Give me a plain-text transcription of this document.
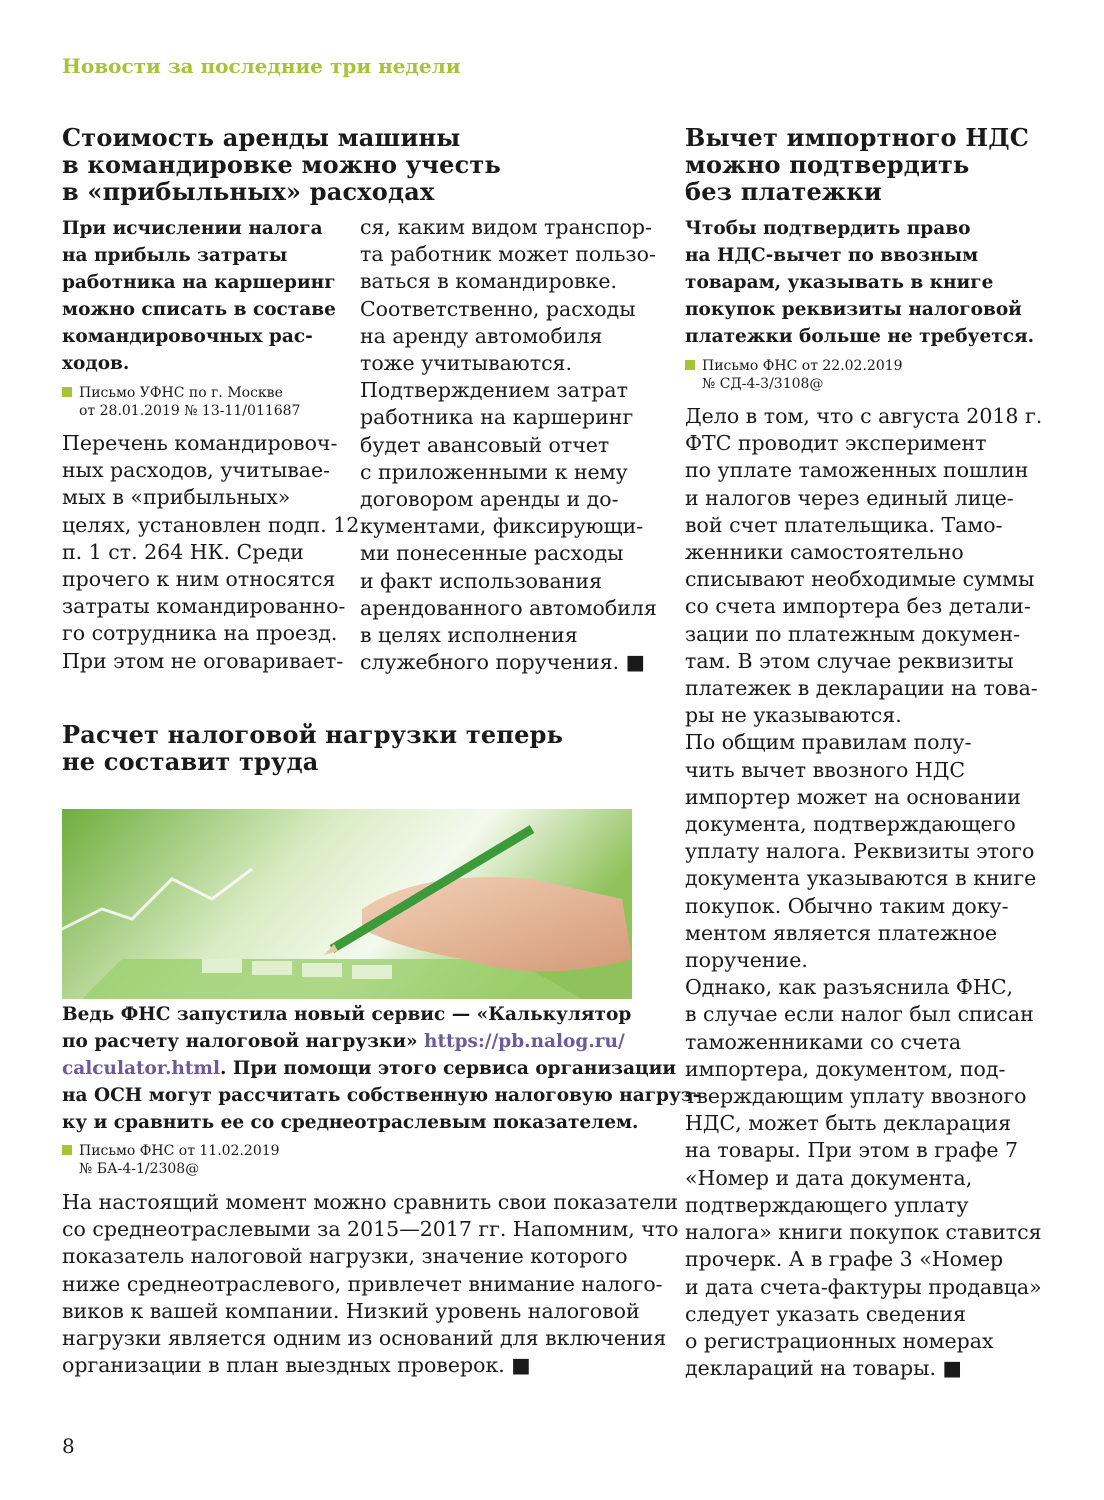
Новости за последние три недели
Стоимость аренды машины
в командировке можно учесть
в «прибыльных» расходах
При исчислении налога
на прибыль затраты
работника на каршеринг
можно списать в составе
командировочных рас-
ходов.
Письмо УФНС по г. Москве
от 28.01.2019 № 13-11/011687
Перечень командировоч-
ных расходов, учитывае-
мых в «прибыльных»
целях, установлен подп. 12
п. 1 ст. 264 НК. Среди
прочего к ним относятся
затраты командированно-
го сотрудника на проезд.
При этом не оговаривает-
ся, каким видом транспор-
та работник может пользо-
ваться в командировке.
Соответственно, расходы
на аренду автомобиля
тоже учитываются.
Подтверждением затрат
работника на каршеринг
будет авансовый отчет
с приложенными к нему
договором аренды и до-
кументами, фиксирующи-
ми понесенные расходы
и факт использования
арендованного автомобиля
в целях исполнения
служебного поручения. ■
Расчет налоговой нагрузки теперь
не составит труда

Ведь ФНС запустила новый сервис — «Калькулятор
по расчету налоговой нагрузки» https://pb.nalog.ru/
calculator.html. При помощи этого сервиса организации
на ОСН могут рассчитать собственную налоговую нагруз-
ку и сравнить ее со среднеотраслевым показателем.
Письмо ФНС от 11.02.2019
№ БА-4-1/2308@
На настоящий момент можно сравнить свои показатели
со среднеотраслевыми за 2015—2017 гг. Напомним, что
показатель налоговой нагрузки, значение которого
ниже среднеотраслевого, привлечет внимание налого-
виков к вашей компании. Низкий уровень налоговой
нагрузки является одним из оснований для включения
организации в план выездных проверок. ■
Вычет импортного НДС
можно подтвердить
без платежки
Чтобы подтвердить право
на НДС-вычет по ввозным
товарам, указывать в книге
покупок реквизиты налоговой
платежки больше не требуется.
Письмо ФНС от 22.02.2019
№ СД-4-3/3108@
Дело в том, что с августа 2018 г.
ФТС проводит эксперимент
по уплате таможенных пошлин
и налогов через единый лице-
вой счет плательщика. Тамо-
женники самостоятельно
списывают необходимые суммы
со счета импортера без детали-
зации по платежным докумен-
там. В этом случае реквизиты
платежек в декларации на това-
ры не указываются.
По общим правилам полу-
чить вычет ввозного НДС
импортер может на основании
документа, подтверждающего
уплату налога. Реквизиты этого
документа указываются в книге
покупок. Обычно таким доку-
ментом является платежное
поручение.
Однако, как разъяснила ФНС,
в случае если налог был списан
таможенниками со счета
импортера, документом, под-
тверждающим уплату ввозного
НДС, может быть декларация
на товары. При этом в графе 7
«Номер и дата документа,
подтверждающего уплату
налога» книги покупок ставится
прочерк. А в графе 3 «Номер
и дата счета-фактуры продавца»
следует указать сведения
о регистрационных номерах
деклараций на товары. ■
8
